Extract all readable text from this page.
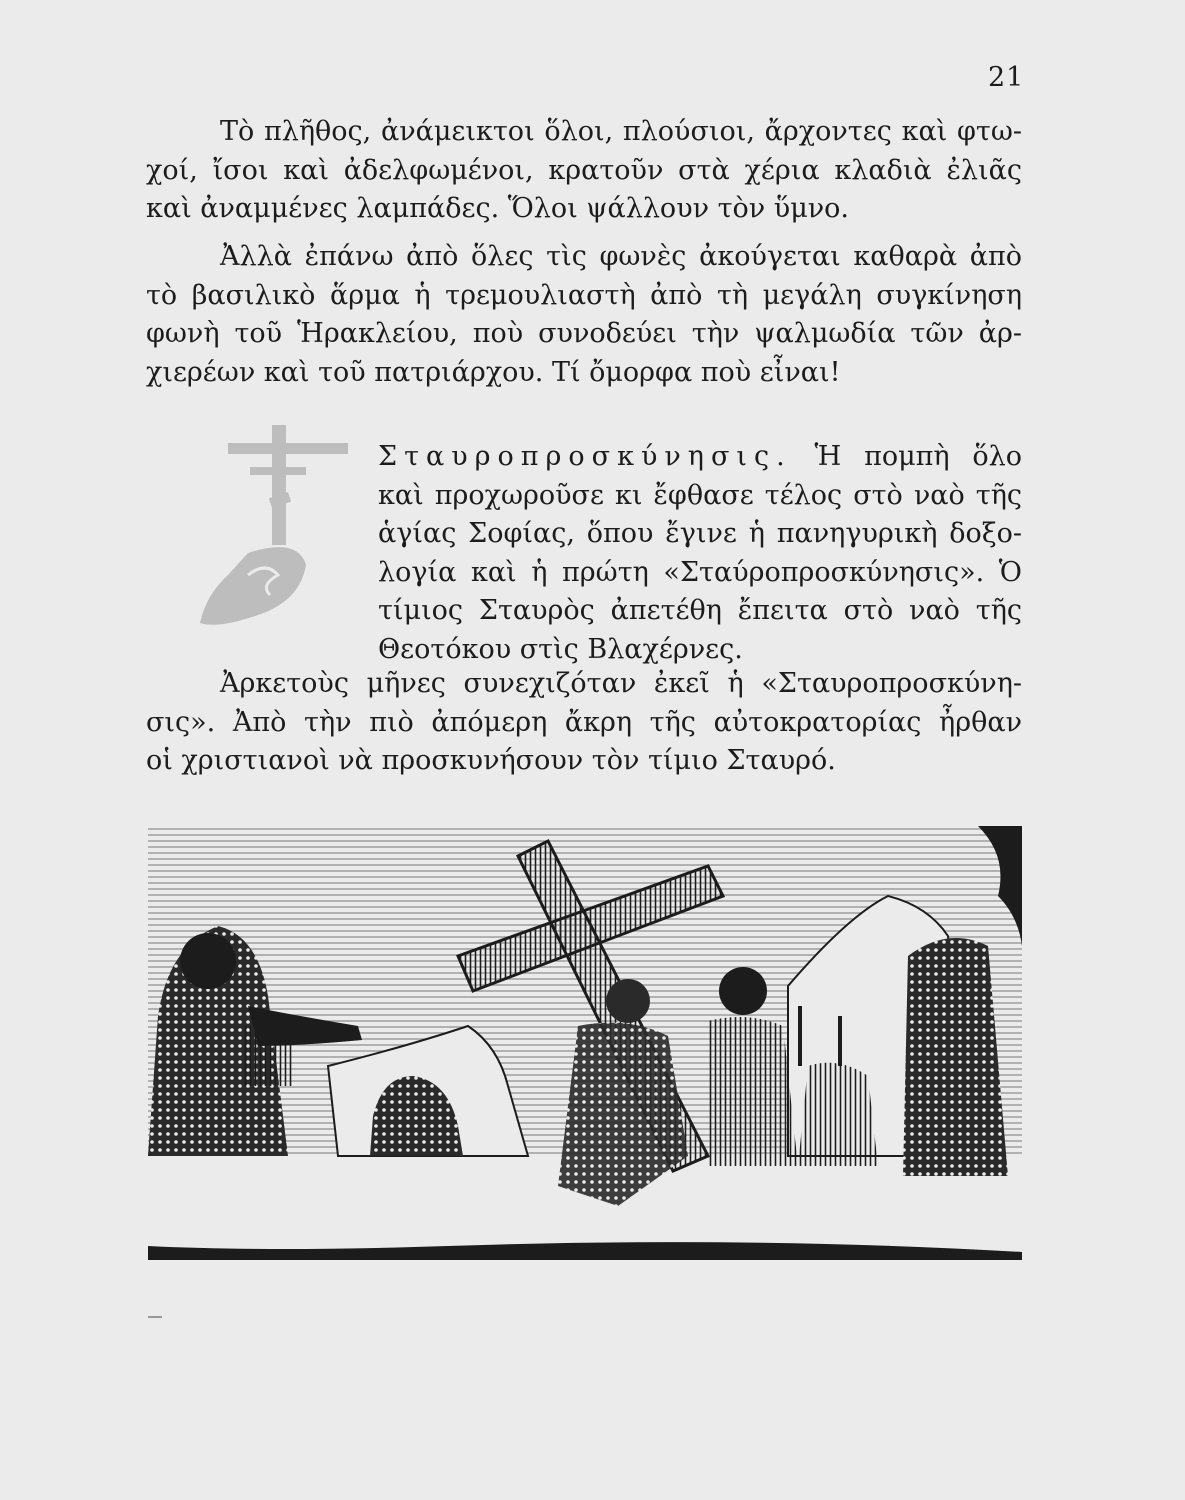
21
Τὸ πλῆθος, ἀνάμεικτοι ὅλοι, πλούσιοι, ἄρχοντες καὶ φτω-
χοί, ἴσοι καὶ ἀδελφωμένοι, κρατοῦν στὰ χέρια κλαδιὰ ἐλιᾶς
καὶ ἀναμμένες λαμπάδες. Ὅλοι ψάλλουν τὸν ὕμνο.
Ἀλλὰ ἐπάνω ἀπὸ ὅλες τὶς φωνὲς ἀκούγεται καθαρὰ ἀπὸ
τὸ βασιλικὸ ἅρμα ἡ τρεμουλιαστὴ ἀπὸ τὴ μεγάλη συγκίνηση
φωνὴ τοῦ Ἡρακλείου, ποὺ συνοδεύει τὴν ψαλμωδία τῶν ἀρ-
χιερέων καὶ τοῦ πατριάρχου. Τί ὄμορφα ποὺ εἶναι!
Σταυροπροσκύνησις. Ἡ πομπὴ ὅλο
καὶ προχωροῦσε κι ἔφθασε τέλος στὸ ναὸ τῆς
ἁγίας Σοφίας, ὅπου ἔγινε ἡ πανηγυρικὴ δοξο-
λογία καὶ ἡ πρώτη «Σταύροπροσκύνησις». Ὁ
τίμιος Σταυρὸς ἀπετέθη ἔπειτα στὸ ναὸ τῆς
Θεοτόκου στὶς Βλαχέρνες.
Ἀρκετοὺς μῆνες συνεχιζόταν ἐκεῖ ἡ «Σταυροπροσκύνη-
σις». Ἀπὸ τὴν πιὸ ἀπόμερη ἄκρη τῆς αὐτοκρατορίας ἦρθαν
οἱ χριστιανοὶ νὰ προσκυνήσουν τὸν τίμιο Σταυρό.
